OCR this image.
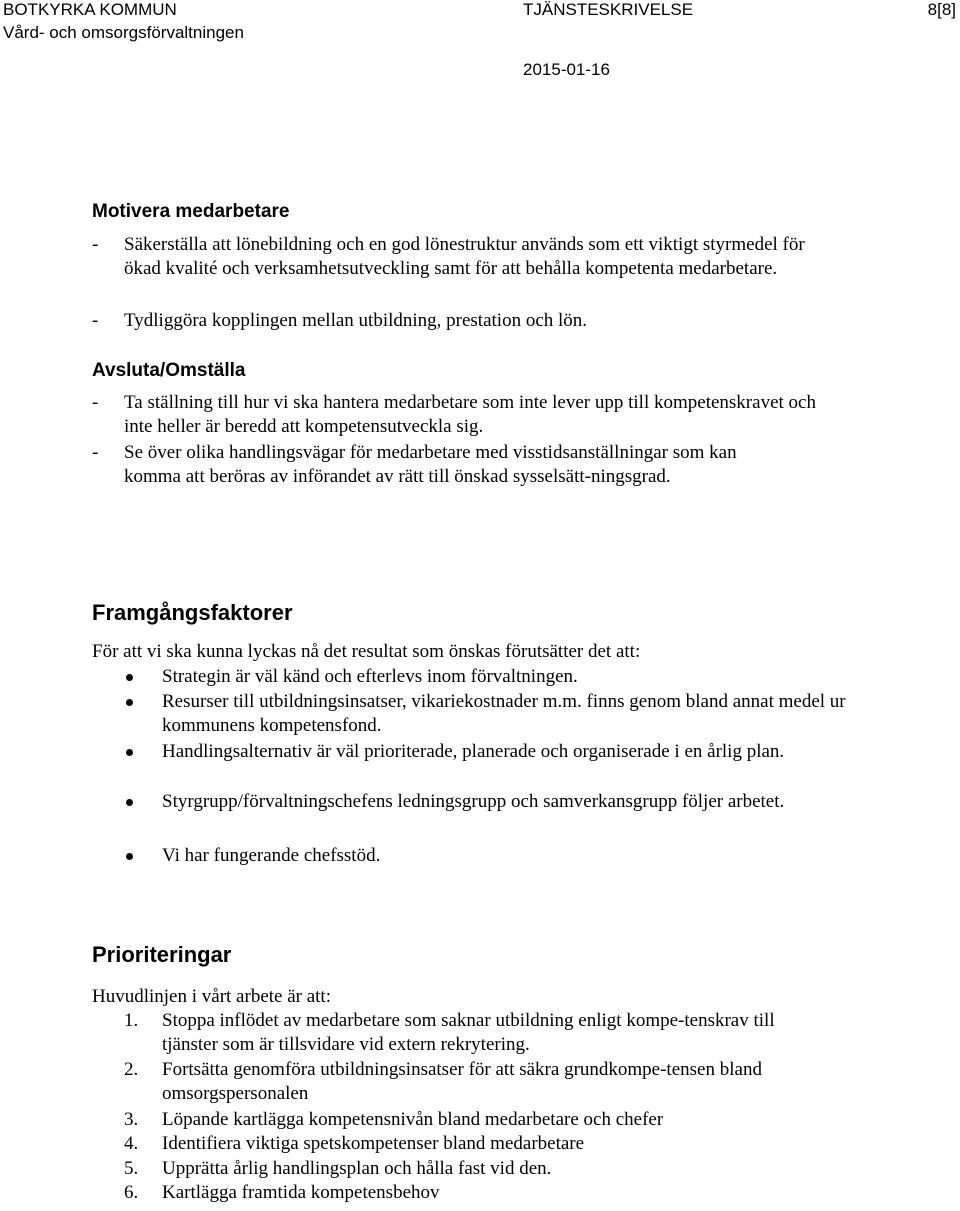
BOTKYRKA KOMMUN
Vård- och omsorgsförvaltningen
TJÄNSTESKRIVELSE	8[8]
2015-01-16
Motivera medarbetare
- Säkerställa att lönebildning och en god lönestruktur används som ett viktigt styrmedel för ökad kvalité och verksamhetsutveckling samt för att behålla kompetenta medarbetare.
- Tydliggöra kopplingen mellan utbildning, prestation och lön.
Avsluta/Omställa
- Ta ställning till hur vi ska hantera medarbetare som inte lever upp till kompetenskravet och inte heller är beredd att kompetensutveckla sig.
- Se över olika handlingsvägar för medarbetare med visstidsanställningar som kan komma att beröras av införandet av rätt till önskad sysselsätt-ningsgrad.
Framgångsfaktorer
För att vi ska kunna lyckas nå det resultat som önskas förutsätter det att:
Strategin är väl känd och efterlevs inom förvaltningen.
Resurser till utbildningsinsatser, vikariekostnader m.m. finns genom bland annat medel ur kommunens kompetensfond.
Handlingsalternativ är väl prioriterade, planerade och organiserade i en årlig plan.
Styrgrupp/förvaltningschefens ledningsgrupp och samverkansgrupp följer arbetet.
Vi har fungerande chefsstöd.
Prioriteringar
Huvudlinjen i vårt arbete är att:
1. Stoppa inflödet av medarbetare som saknar utbildning enligt kompe-tenskrav till tjänster som är tillsvidare vid extern rekrytering.
2. Fortsätta genomföra utbildningsinsatser för att säkra grundkompe-tensen bland omsorgspersonalen
3. Löpande kartlägga kompetensnivån bland medarbetare och chefer
4. Identifiera viktiga spetskompetenser bland medarbetare
5. Upprätta årlig handlingsplan och hålla fast vid den.
6. Kartlägga framtida kompetensbehov
